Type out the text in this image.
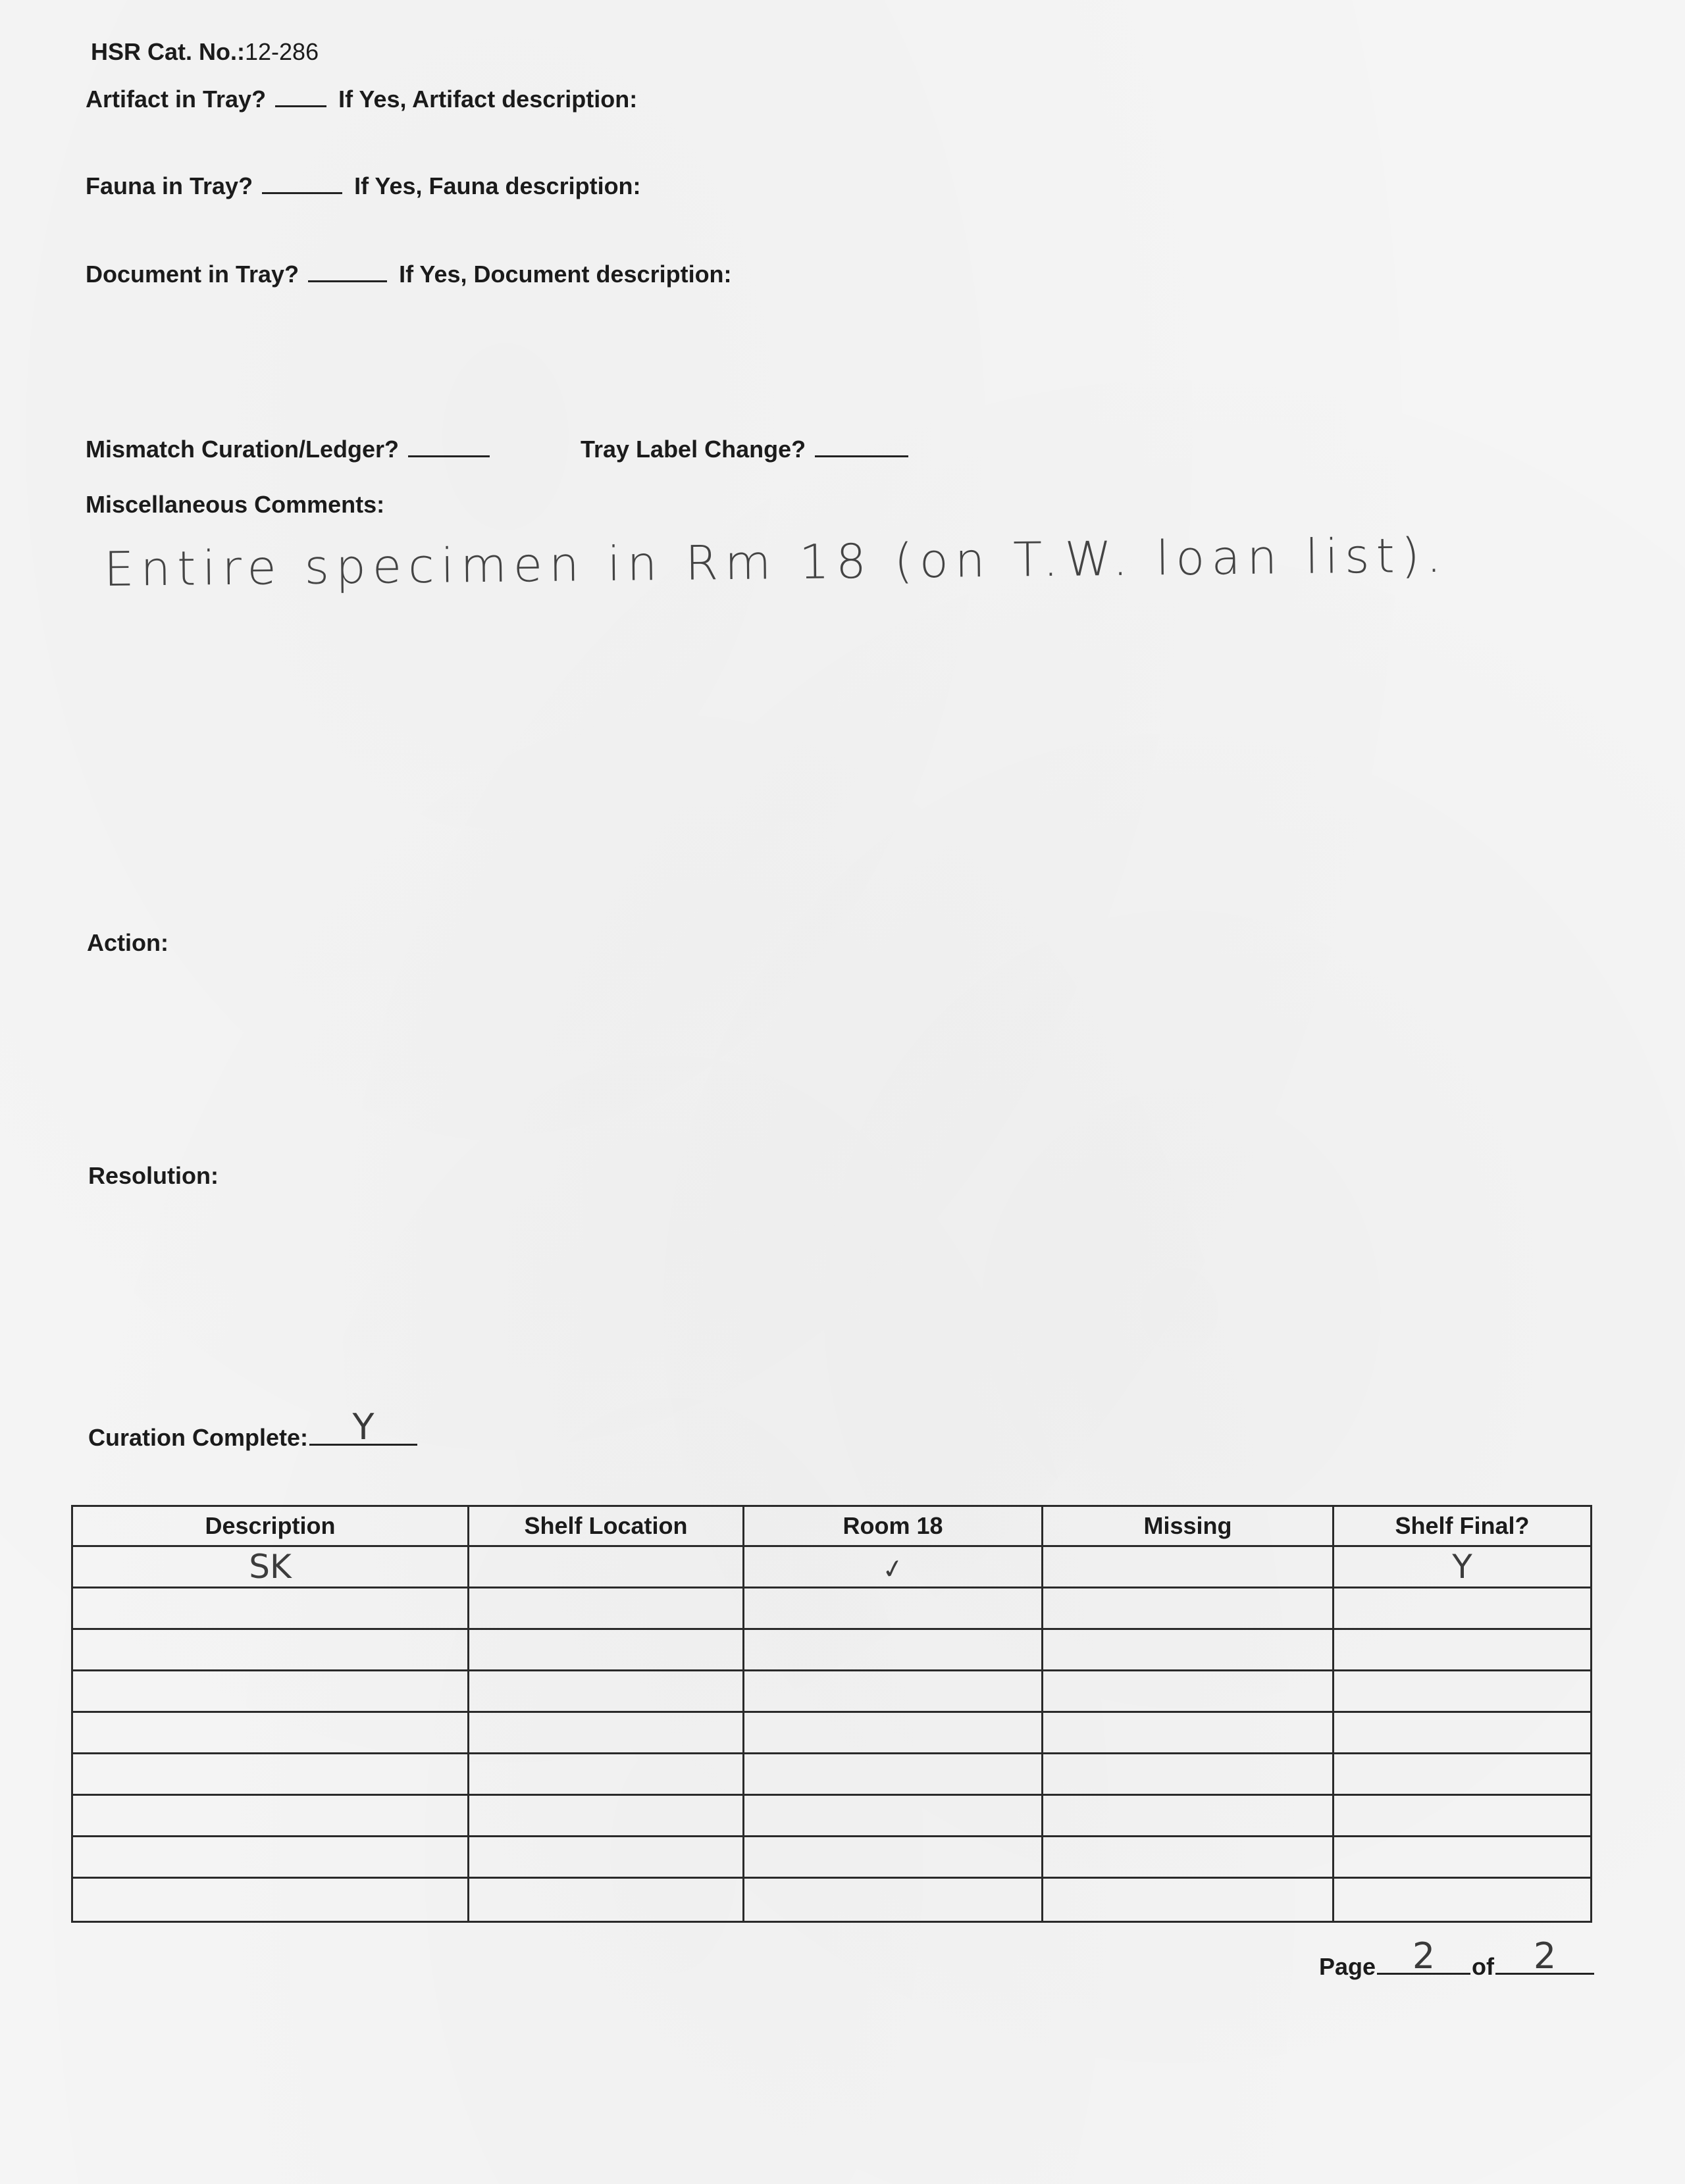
HSR Cat. No.:12-286
Artifact in Tray?	If Yes, Artifact description:
Fauna in Tray?	If Yes, Fauna description:
Document in Tray?	If Yes, Document description:
Mismatch Curation/Ledger?	Tray Label Change?
Miscellaneous Comments:
Entire specimen in Rm 18 (on T.W. loan list).
Action:
Resolution:
Curation Complete:	Y
Description	Shelf Location	Room 18	Missing	Shelf Final?
SK		✓		Y

Page	2	of	2
